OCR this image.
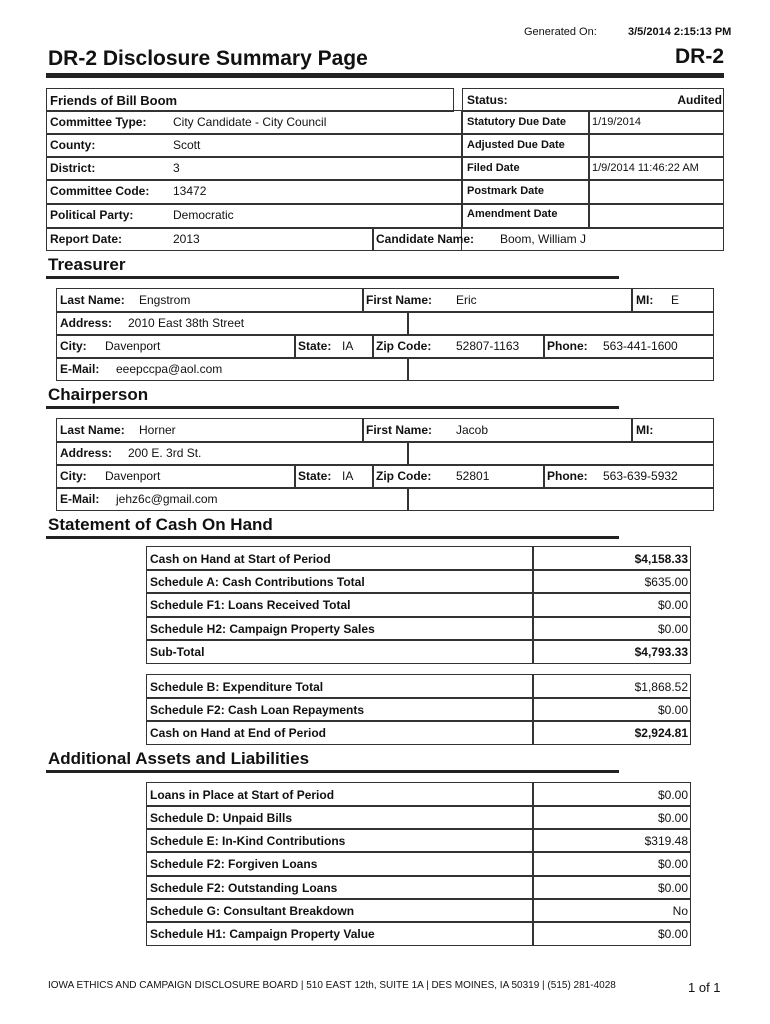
Generated On:	3/5/2014 2:15:13 PM
DR-2 Disclosure Summary Page	DR-2
Friends of Bill Boom
Committee Type: City Candidate - City Council
County:	Scott
District:	3
Committee Code: 13472
Political Party:	Democratic
Report Date:	2013	Candidate Name: Boom, William J
Status:	Audited
Statutory Due Date 1/19/2014
Adjusted Due Date
Filed Date	1/9/2014 11:46:22 AM
Postmark Date
Amendment Date
Treasurer
Last Name: Engstrom	First Name: Eric	MI: E
Address: 2010 East 38th Street
City: Davenport	State: IA Zip Code: 52807-1163 Phone: 563-441-1600
E-Mail: eeepccpa@aol.com
Chairperson
Last Name: Horner	First Name: Jacob	MI:
Address: 200 E. 3rd St.
City: Davenport	State: IA Zip Code: 52801	Phone: 563-639-5932
E-Mail: jehz6c@gmail.com
Statement of Cash On Hand
Cash on Hand at Start of Period	$4,158.33
Schedule A: Cash Contributions Total	$635.00
Schedule F1: Loans Received Total	$0.00
Schedule H2: Campaign Property Sales	$0.00
Sub-Total	$4,793.33
Schedule B: Expenditure Total	$1,868.52
Schedule F2: Cash Loan Repayments	$0.00
Cash on Hand at End of Period	$2,924.81
Additional Assets and Liabilities
Loans in Place at Start of Period	$0.00
Schedule D: Unpaid Bills	$0.00
Schedule E: In-Kind Contributions	$319.48
Schedule F2: Forgiven Loans	$0.00
Schedule F2: Outstanding Loans	$0.00
Schedule G: Consultant Breakdown	No
Schedule H1: Campaign Property Value	$0.00
IOWA ETHICS AND CAMPAIGN DISCLOSURE BOARD | 510 EAST 12th, SUITE 1A | DES MOINES, IA 50319 | (515) 281-4028	1 of 1
